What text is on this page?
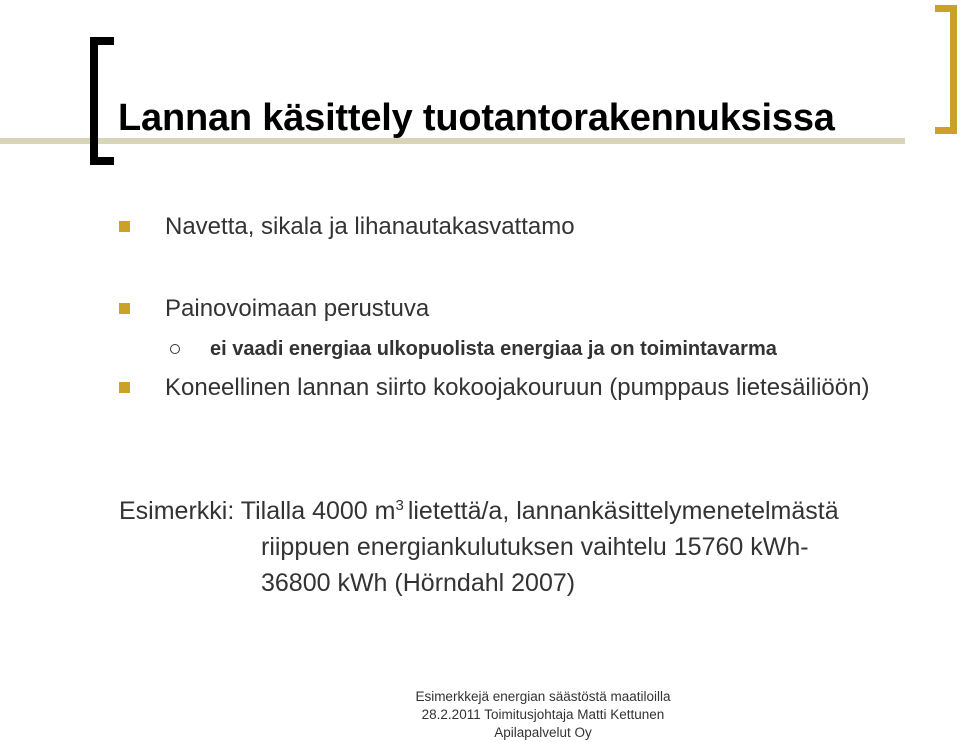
Lannan käsittely tuotantorakennuksissa
Navetta, sikala ja lihanautakasvattamo
Painovoimaan perustuva
ei vaadi energiaa ulkopuolista energiaa ja on toimintavarma
Koneellinen lannan siirto kokoojakouruun (pumppaus lietesäiliöön)
Esimerkki: Tilalla 4000 $m^3$ lietettä/a, lannankäsittelymenetelmästä
riippuen energiankulutuksen vaihtelu 15760 kWh-
36800 kWh (Hörndahl 2007)
Esimerkkejä energian säästöstä maatiloilla
28.2.2011 Toimitusjohtaja Matti Kettunen
Apilapalvelut Oy
